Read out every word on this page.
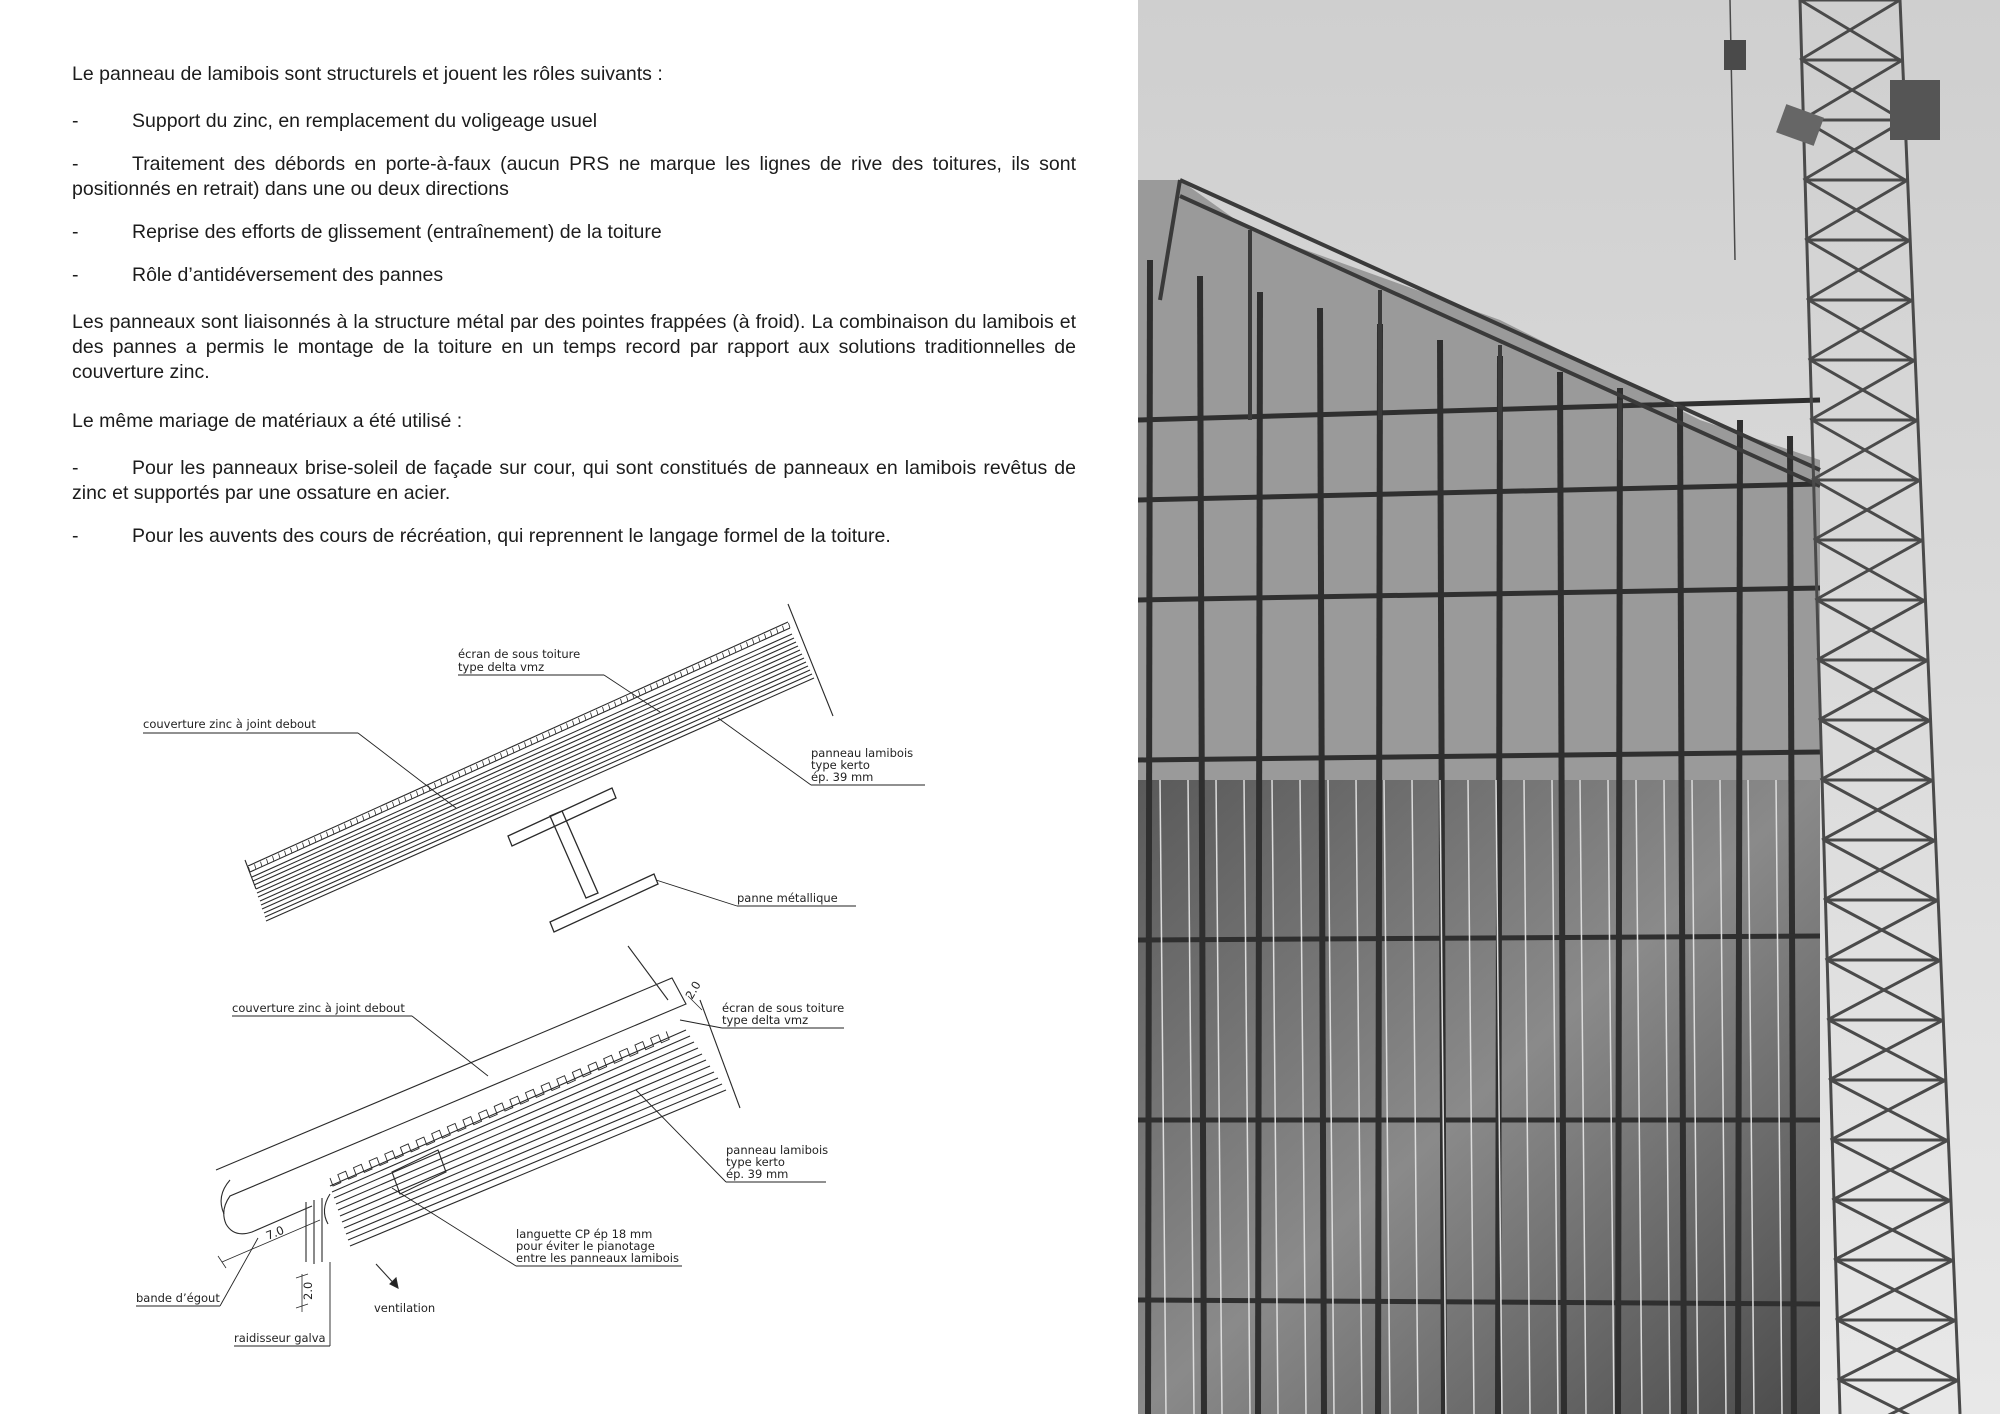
Le panneau de lamibois sont structurels et jouent les rôles suivants :

-	Support du zinc, en remplacement du voligeage usuel

-	Traitement des débords en porte-à-faux (aucun PRS ne marque les lignes de rive des toitures, ils sont positionnés en retrait) dans une ou deux directions

-	Reprise des efforts de glissement (entraînement) de la toiture

-	Rôle d’antidéversement des pannes

Les panneaux sont liaisonnés à la structure métal par des pointes frappées (à froid). La combinaison du lamibois et des pannes a permis le montage de la toiture en un temps record par rapport aux solutions traditionnelles de couverture zinc.

Le même mariage de matériaux a été utilisé :

-	Pour les panneaux brise-soleil de façade sur cour, qui sont constitués de panneaux en lamibois revêtus de zinc et supportés par une ossature en acier.

-	Pour les auvents des cours de récréation, qui reprennent le langage formel de la toiture.

écran de sous toiture
type delta vmz
couverture zinc à joint debout
panneau lamibois
type kerto
ép. 39 mm
panne métallique
couverture zinc à joint debout	écran de sous toiture
type delta vmz
panneau lamibois
type kerto
ép. 39 mm
languette CP ép 18 mm
pour éviter le pianotage
entre les panneaux lamibois
bande d’égout
ventilation
raidisseur galva
7.0
2.0
2.0
